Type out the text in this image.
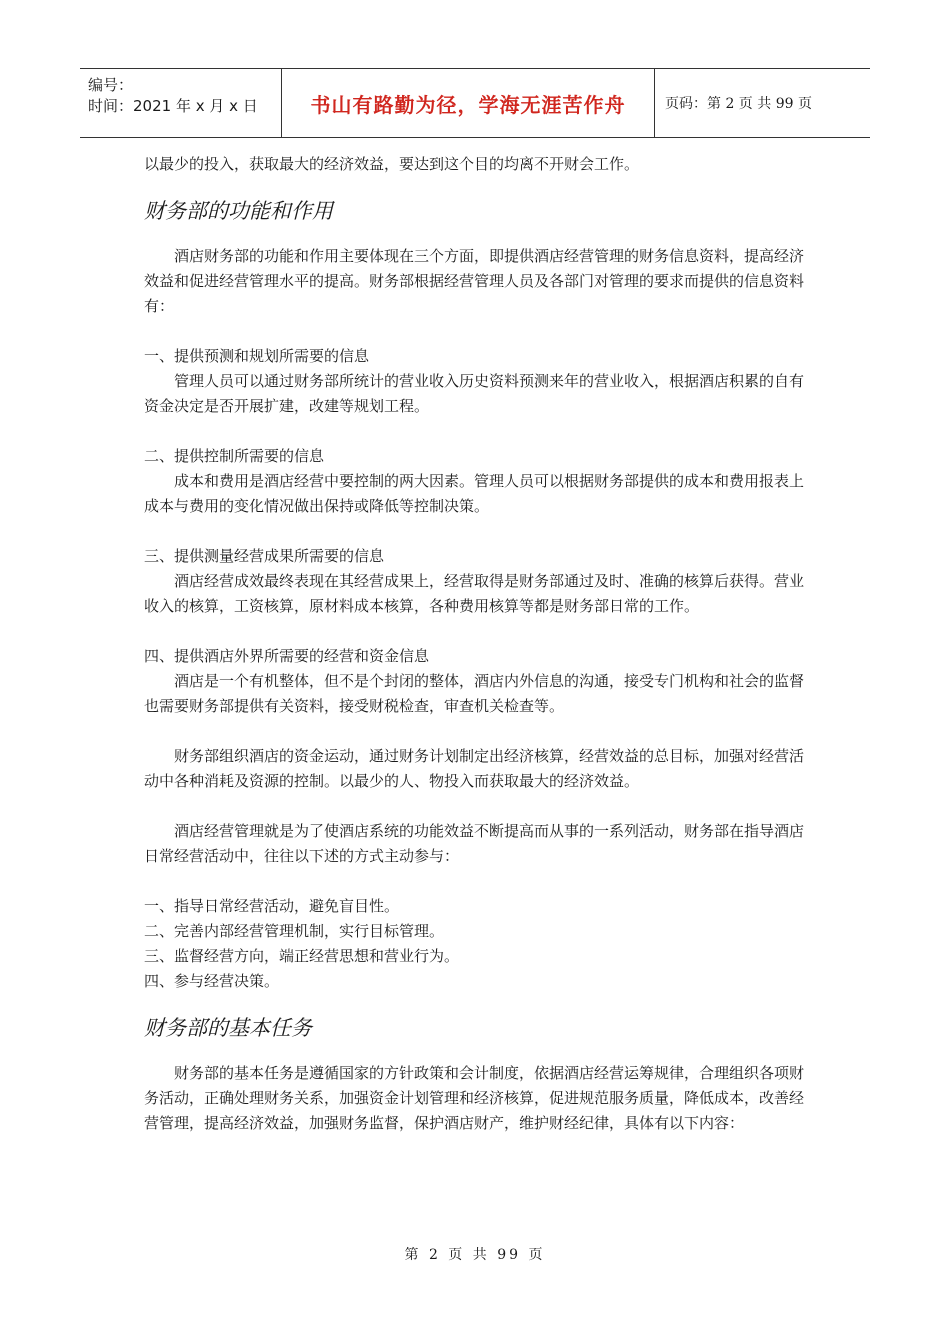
编号：
时间：2021 年 x 月 x 日	书山有路勤为径，学海无涯苦作舟	页码：第 2 页 共 99 页

以最少的投入，获取最大的经济效益，要达到这个目的均离不开财会工作。

财务部的功能和作用

酒店财务部的功能和作用主要体现在三个方面，即提供酒店经营管理的财务信息资料，提高经济效益和促进经营管理水平的提高。财务部根据经营管理人员及各部门对管理的要求而提供的信息资料有：

一、提供预测和规划所需要的信息

管理人员可以通过财务部所统计的营业收入历史资料预测来年的营业收入，根据酒店积累的自有资金决定是否开展扩建，改建等规划工程。

二、提供控制所需要的信息

成本和费用是酒店经营中要控制的两大因素。管理人员可以根据财务部提供的成本和费用报表上成本与费用的变化情况做出保持或降低等控制决策。

三、提供测量经营成果所需要的信息

酒店经营成效最终表现在其经营成果上，经营取得是财务部通过及时、准确的核算后获得。营业收入的核算，工资核算，原材料成本核算，各种费用核算等都是财务部日常的工作。

四、提供酒店外界所需要的经营和资金信息

酒店是一个有机整体，但不是个封闭的整体，酒店内外信息的沟通，接受专门机构和社会的监督也需要财务部提供有关资料，接受财税检查，审查机关检查等。

财务部组织酒店的资金运动，通过财务计划制定出经济核算，经营效益的总目标，加强对经营活动中各种消耗及资源的控制。以最少的人、物投入而获取最大的经济效益。

酒店经营管理就是为了使酒店系统的功能效益不断提高而从事的一系列活动，财务部在指导酒店日常经营活动中，往往以下述的方式主动参与：

一、指导日常经营活动，避免盲目性。

二、完善内部经营管理机制，实行目标管理。

三、监督经营方向，端正经营思想和营业行为。

四、参与经营决策。

财务部的基本任务

财务部的基本任务是遵循国家的方针政策和会计制度，依据酒店经营运筹规律，合理组织各项财务活动，正确处理财务关系，加强资金计划管理和经济核算，促进规范服务质量，降低成本，改善经营管理，提高经济效益，加强财务监督，保护酒店财产，维护财经纪律，具体有以下内容：

第 2 页 共 99 页
